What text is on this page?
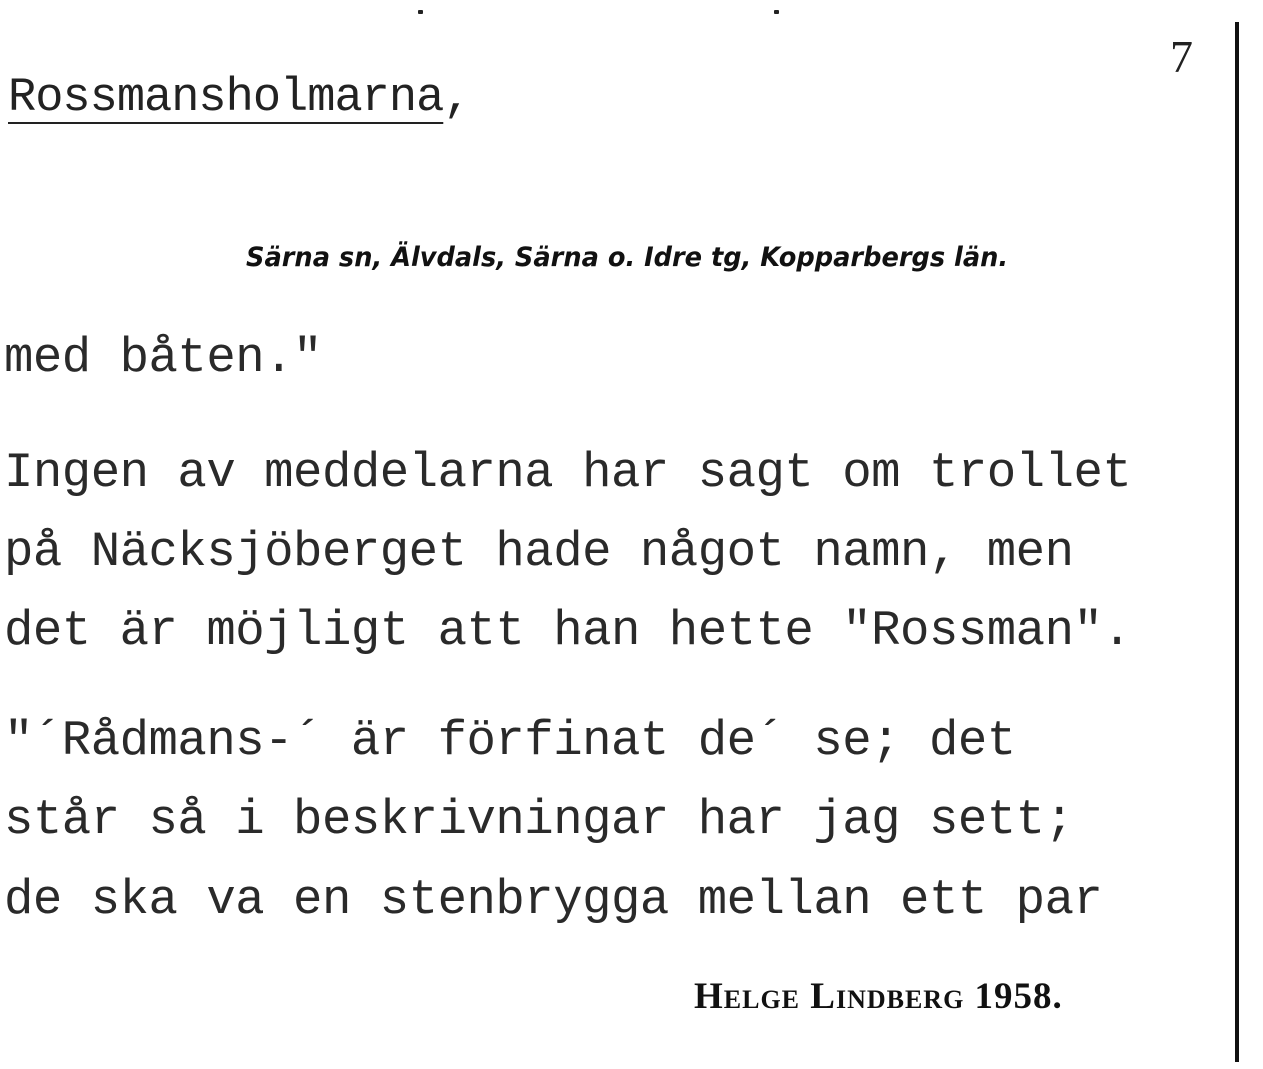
7
Rossmansholmarna,
Särna sn, Älvdals, Särna o. Idre tg, Kopparbergs län.
med båten."
Ingen av meddelarna har sagt om trollet
på Näcksjöberget hade något namn, men
det är möjligt att han hette "Rossman".
"´Rådmans-´ är förfinat de´ se; det
står så i beskrivningar har jag sett;
de ska va en stenbrygga mellan ett par
Helge Lindberg 1958.
